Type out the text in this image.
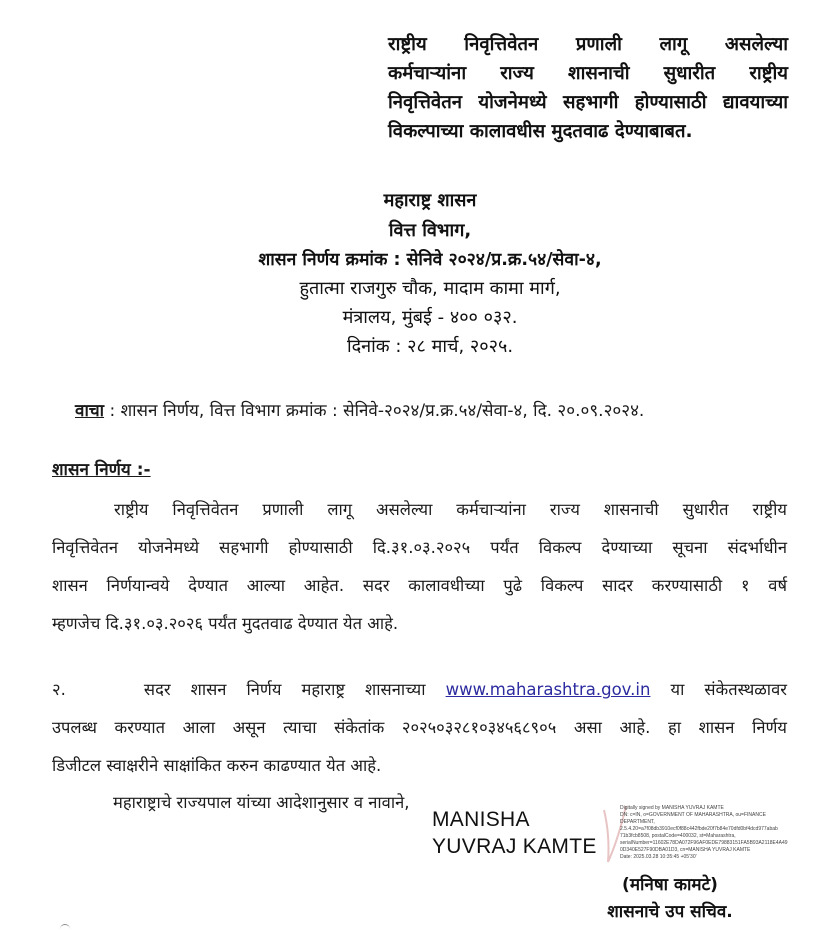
राष्ट्रीय निवृत्तिवेतन प्रणाली लागू असलेल्या
कर्मचाऱ्यांना राज्य शासनाची सुधारीत राष्ट्रीय
निवृत्तिवेतन योजनेमध्ये सहभागी होण्यासाठी द्यावयाच्या
विकल्पाच्या कालावधीस मुदतवाढ देण्याबाबत.
महाराष्ट्र शासन
वित्त विभाग,
शासन निर्णय क्रमांक : सेनिवे २०२४/प्र.क्र.५४/सेवा-४,
हुतात्मा राजगुरु चौक, मादाम कामा मार्ग,
मंत्रालय, मुंबई - ४०० ०३२.
दिनांक : २८ मार्च, २०२५.
वाचा : शासन निर्णय, वित्त विभाग क्रमांक : सेनिवे-२०२४/प्र.क्र.५४/सेवा-४, दि. २०.०९.२०२४.
शासन निर्णय :-
राष्ट्रीय निवृत्तिवेतन प्रणाली लागू असलेल्या कर्मचाऱ्यांना राज्य शासनाची सुधारीत राष्ट्रीय
निवृत्तिवेतन योजनेमध्ये सहभागी होण्यासाठी दि.३१.०३.२०२५ पर्यंत विकल्प देण्याच्या सूचना संदर्भाधीन
शासन निर्णयान्वये देण्यात आल्या आहेत. सदर कालावधीच्या पुढे विकल्प सादर करण्यासाठी १ वर्ष
म्हणजेच दि.३१.०३.२०२६ पर्यंत मुदतवाढ देण्यात येत आहे.
२.	सदर शासन निर्णय महाराष्ट्र शासनाच्या www.maharashtra.gov.in या संकेतस्थळावर
उपलब्ध करण्यात आला असून त्याचा संकेतांक २०२५०३२८१०३४५६८९०५ असा आहे. हा शासन निर्णय
डिजीटल स्वाक्षरीने साक्षांकित करुन काढण्यात येत आहे.
महाराष्ट्राचे राज्यपाल यांच्या आदेशानुसार व नावाने,
MANISHA
YUVRAJ KAMTE
Digitally signed by MANISHA YUVRAJ KAMTE
DN: c=IN, o=GOVERNMENT OF MAHARASHTRA, ou=FINANCE
DEPARTMENT,
2.5.4.20=a7f08db3910ecf0f88c442fbde20f7b84e70dfd0bf4dcd977abab
71b3fcb8508, postalCode=400032, st=Maharashtra,
serialNumber=11602E78DA072F96AF0EDE79883151FA5B93A2118E4A49
0D340E527F90DBA01D3, cn=MANISHA YUVRAJ KAMTE
Date: 2025.03.28 10:35:45 +05'30'
(मनिषा कामटे)
शासनाचे उप सचिव.
